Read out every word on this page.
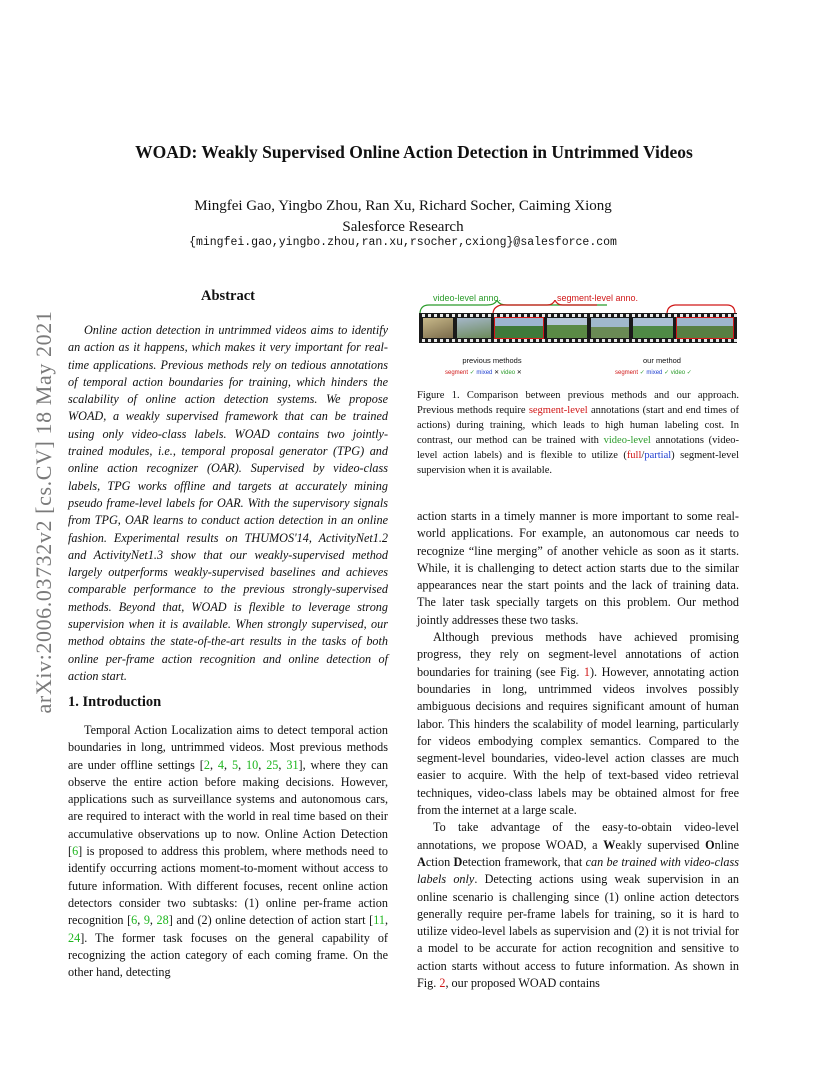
arXiv:2006.03732v2 [cs.CV] 18 May 2021
WOAD: Weakly Supervised Online Action Detection in Untrimmed Videos
Mingfei Gao, Yingbo Zhou, Ran Xu, Richard Socher, Caiming Xiong
Salesforce Research
{mingfei.gao,yingbo.zhou,ran.xu,rsocher,cxiong}@salesforce.com
Abstract

Online action detection in untrimmed videos aims to identify an action as it happens, which makes it very important for real-time applications. Previous methods rely on tedious annotations of temporal action boundaries for training, which hinders the scalability of online action detection systems. We propose WOAD, a weakly supervised framework that can be trained using only video-class labels. WOAD contains two jointly-trained modules, i.e., temporal proposal generator (TPG) and online action recognizer (OAR). Supervised by video-class labels, TPG works offline and targets at accurately mining pseudo frame-level labels for OAR. With the supervisory signals from TPG, OAR learns to conduct action detection in an online fashion. Experimental results on THUMOS'14, ActivityNet1.2 and ActivityNet1.3 show that our weakly-supervised method largely outperforms weakly-supervised baselines and achieves comparable performance to the previous strongly-supervised methods. Beyond that, WOAD is flexible to leverage strong supervision when it is available. When strongly supervised, our method obtains the state-of-the-art results in the tasks of both online per-frame action recognition and online detection of action start.

1. Introduction

Temporal Action Localization aims to detect temporal action boundaries in long, untrimmed videos. Most previous methods are under offline settings [2, 4, 5, 10, 25, 31], where they can observe the entire action before making decisions. However, applications such as surveillance systems and autonomous cars, are required to interact with the world in real time based on their accumulative observations up to now. Online Action Detection [6] is proposed to address this problem, where methods need to identify occurring actions moment-to-moment without access to future information. With different focuses, recent online action detectors consider two subtasks: (1) online per-frame action recognition [6, 9, 28] and (2) online detection of action start [11, 24]. The former task focuses on the general capability of recognizing the action category of each coming frame. On the other hand, detecting

video-level anno.	segment-level anno.
previous methods	our method
segment ✓ mixed ✕ video ✕	segment ✓ mixed ✓ video ✓
Figure 1. Comparison between previous methods and our approach. Previous methods require segment-level annotations (start and end times of actions) during training, which leads to high human labeling cost. In contrast, our method can be trained with video-level annotations (video-level action labels) and is flexible to utilize (full/partial) segment-level supervision when it is available.

action starts in a timely manner is more important to some real-world applications. For example, an autonomous car needs to recognize “line merging” of another vehicle as soon as it starts. While, it is challenging to detect action starts due to the similar appearances near the start points and the lack of training data. The later task specially targets on this problem. Our method jointly addresses these two tasks.

Although previous methods have achieved promising progress, they rely on segment-level annotations of action boundaries for training (see Fig. 1). However, annotating action boundaries in long, untrimmed videos involves possibly ambiguous decisions and requires significant amount of human labor. This hinders the scalability of model learning, particularly for videos embodying complex semantics. Compared to the segment-level boundaries, video-level action classes are much easier to acquire. With the help of text-based video retrieval techniques, video-class labels may be obtained almost for free from the internet at a large scale.

To take advantage of the easy-to-obtain video-level annotations, we propose WOAD, a Weakly supervised Online Action Detection framework, that can be trained with video-class labels only. Detecting actions using weak supervision in an online scenario is challenging since (1) online action detectors generally require per-frame labels for training, so it is hard to utilize video-level labels as supervision and (2) it is not trivial for a model to be accurate for action recognition and sensitive to action starts without access to future information. As shown in Fig. 2, our proposed WOAD contains
